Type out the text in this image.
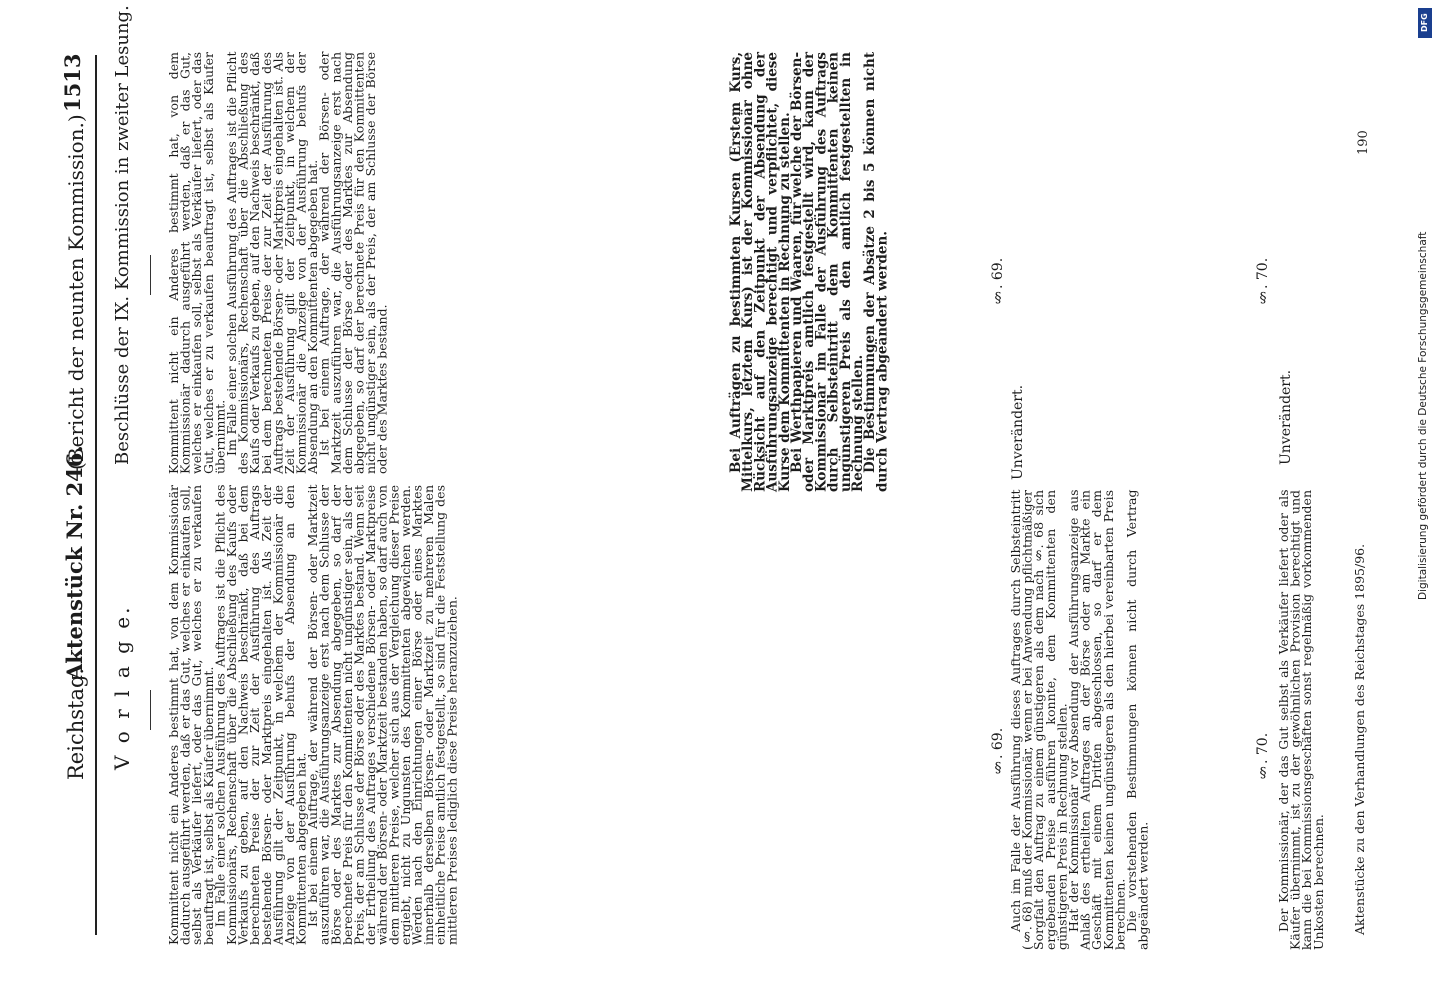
Reichstag.
Aktenstück Nr. 246.
(Bericht der neunten Kommission.)
1513
V o r l a g e.	Kommittent nicht ein Anderes bestimmt hat, von dem Kommissionär dadurch ausgeführt werden, daß er das Gut, welches er einkaufen soll, selbst als Verkäufer liefert, oder das Gut, welches er zu verkaufen beauftragt ist, selbst als Käufer übernimmt.

Im Falle einer solchen Ausführung des Auftrages ist die Pflicht des Kommissionärs, Rechenschaft über die Abschließung des Kaufs oder Verkaufs zu geben, auf den Nachweis beschränkt, daß bei dem berechneten Preise der zur Zeit der Ausführung des Auftrags bestehende Börsen- oder Marktpreis eingehalten ist. Als Zeit der Ausführung gilt der Zeitpunkt, in welchem der Kommissionär die Anzeige von der Ausführung behufs der Absendung an den Kommittenten abgegeben hat.

Ist bei einem Auftrage, der während der Börsen- oder Marktzeit auszuführen war, die Ausführungsanzeige erst nach dem Schlusse der Börse oder des Marktes zur Absendung abgegeben, so darf der berechnete Preis für den Kommittenten nicht ungünstiger sein, als der Preis, der am Schlusse der Börse oder des Marktes bestand. Wenn seit der Ertheilung des Auftrages verschiedene Börsen- oder Marktpreise während der Börsen- oder Marktzeit bestanden haben, so darf auch von dem mittleren Preise, welcher sich aus der Vergleichung dieser Preise ergiebt, nicht zu Ungunsten des Kommittenten abgewichen werden. Werden nach den Einrichtungen einer Börse oder eines Marktes innerhalb derselben Börsen- oder Marktzeit zu mehreren Malen einheitliche Preise amtlich festgestellt, so sind für die Feststellung des mittleren Preises lediglich diese Preise heranzuziehen.	§. 69. Auch im Falle der Ausführung dieses Auftrages durch Selbsteintritt (§. 68) muß der Kommissionär, wenn er bei Anwendung pflichtmäßiger Sorgfalt den Auftrag zu einem günstigeren als dem nach §. 68 sich ergebenden Preise ausführen konnte, dem Kommittenten den günstigeren Preis in Rechnung stellen.

Hat der Kommissionär vor Absendung der Ausführungsanzeige aus Anlaß des ertheilten Auftrages an der Börse oder am Markte ein Geschäft mit einem Dritten abgeschlossen, so darf er dem Kommittenten keinen ungünstigeren als den hierbei vereinbarten Preis berechnen.

Die vorstehenden Bestimmungen können nicht durch Vertrag abgeändert werden.

§. 70. Der Kommissionär, der das Gut selbst als Verkäufer liefert oder als Käufer übernimmt, ist zu der gewöhnlichen Provision berechtigt und kann die bei Kommissionsgeschäften sonst regelmäßig vorkommenden Unkosten berechnen. Aktenstücke zu den Verhandlungen des Reichstages 1895/96.
Beschlüsse der IX. Kommission in zweiter Lesung.	Kommittent nicht ein Anderes bestimmt hat, von dem Kommissionär dadurch ausgeführt werden, daß er das Gut, welches er einkaufen soll, selbst als Verkäufer liefert, oder das Gut, welches er zu verkaufen beauftragt ist, selbst als Käufer übernimmt.

Im Falle einer solchen Ausführung des Auftrages ist die Pflicht des Kommissionärs, Rechenschaft über die Abschließung des Kaufs oder Verkaufs zu geben, auf den Nachweis beschränkt, daß bei dem berechneten Preise der zur Zeit der Ausführung des Auftrags bestehende Börsen- oder Marktpreis eingehalten ist. Als Zeit der Ausführung gilt der Zeitpunkt, in welchem der Kommissionär die Anzeige von der Ausführung behufs der Absendung an den Kommittenten abgegeben hat.

Ist bei einem Auftrage, der während der Börsen- oder Marktzeit auszuführen war, die Ausführungsanzeige erst nach dem Schlusse der Börse oder des Marktes zur Absendung abgegeben, so darf der berechnete Preis für den Kommittenten nicht ungünstiger sein, als der Preis, der am Schlusse der Börse oder des Marktes bestand.	Bei Aufträgen zu bestimmten Kursen (Erstem Kurs, Mittelkurs, letztem Kurs) ist der Kommissionär ohne Rücksicht auf den Zeitpunkt der Absendung der Ausführungsanzeige berechtigt und verpflichtet, diese Kurse dem Kommittenten in Rechnung zu stellen.

Bei Werthpapieren und Waaren, für welche der Börsen- oder Marktpreis amtlich festgestellt wird, kann der Kommissionär im Falle der Ausführung des Auftrags durch Selbsteintritt dem Kommittenten keinen ungünstigeren Preis als den amtlich festgestellten in Rechnung stellen.

Die Bestimmungen der Absätze 2 bis 5 können nicht durch Vertrag abgeändert werden.	§. 69.
Unverändert.
§. 70.
Unverändert.
190
DFG
Digitalisierung gefördert durch die Deutsche Forschungsgemeinschaft
